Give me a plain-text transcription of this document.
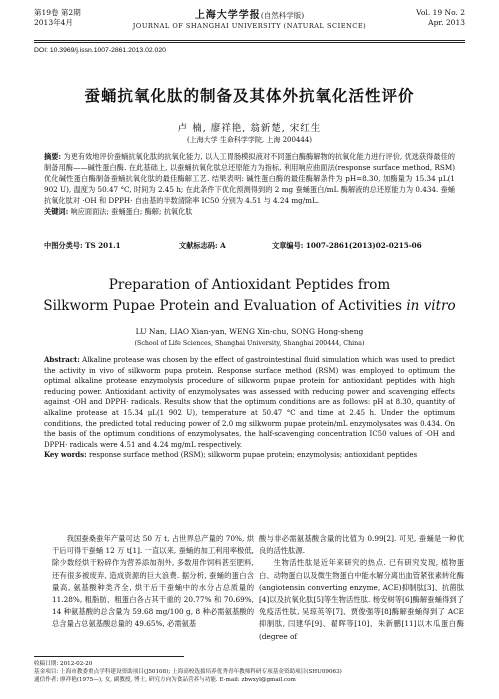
第19卷 第2期
2013年4月
上海大学学报(自然科学版)
JOURNAL OF SHANGHAI UNIVERSITY (NATURAL SCIENCE)
Vol. 19 No. 2
Apr. 2013
DOI: 10.3969/j.issn.1007-2861.2013.02.020
蚕蛹抗氧化肽的制备及其体外抗氧化活性评价
卢 楠, 廖祥艳, 翁新楚, 宋红生
(上海大学 生命科学学院, 上海 200444)
摘要: 为更有效地评价蚕蛹抗氧化肽的抗氧化能力, 以人工胃肠模拟液对不同蛋白酶酶解物的抗氧化能力进行评价, 优选获得最佳的制备用酶——碱性蛋白酶. 在此基础上, 以蚕蛹抗氧化肽总还原能力为指标, 利用响应曲面法(response surface method, RSM)优化碱性蛋白酶制备蚕蛹抗氧化肽的最佳酶解工艺. 结果表明: 碱性蛋白酶的最佳酶解条件为 pH=8.30, 加酶量为 15.34 μL(1 902 U), 温度为 50.47 °C, 时间为 2.45 h; 在此条件下优化预测得到的 2 mg 蚕蛹蛋白/mL 酶解液的总还原能力为 0.434. 蚕蛹抗氧化肽对 ·OH 和 DPPH· 自由基的半数清除率 IC50 分别为 4.51 与 4.24 mg/mL.
关键词: 响应面面法; 蚕蛹蛋白; 酶解; 抗氧化肽
中图分类号: TS 201.1	文献标志码: A	文章编号: 1007-2861(2013)02-0215-06
Preparation of Antioxidant Peptides from
Silkworm Pupae Protein and Evaluation of Activities in vitro
LU Nan, LIAO Xian-yan, WENG Xin-chu, SONG Hong-sheng
(School of Life Sciences, Shanghai University, Shanghai 200444, China)
Abstract: Alkaline protease was chosen by the effect of gastrointestinal fluid simulation which was used to predict the activity in vivo of silkworm pupa protein. Response surface method (RSM) was employed to optimum the optimal alkaline protease enzymolysis procedure of silkworm pupae protein for antioxidant peptides with high reducing power. Antioxidant activity of enzymolysates was assessed with reducing power and scavenging effects against ·OH and DPPH· radicals. Results show that the optimum conditions are as follows: pH at 8.30, quantity of alkaline protease at 15.34 μL(1 902 U), temperature at 50.47 °C and time at 2.45 h. Under the optimum conditions, the predicted total reducing power of 2.0 mg silkworm pupae protein/mL enzymolysates was 0.434. On the basis of the optimum conditions of enzymolysates, the half-scavenging concentration IC50 values of ·OH and DPPH· radicals were 4.51 and 4.24 mg/mL respectively.
Key words: response surface method (RSM); silkworm pupae protein; enzymolysis; antioxidant peptides
我国蚕桑蚕年产量可达 50 万 t, 占世界总产量的 70%, 烘干后可得干蚕蛹 12 万 t[1]. 一直以来, 蚕蛹的加工利用率极低, 除少数经烘干粉碎作为营养添加剂外, 多数用作饲料甚至肥料, 还有很多被废弃, 造成资源的巨大浪费. 据分析, 蚕蛹的蛋白含量高, 氨基酸种类齐全, 烘干后干蚕蛹中的水分占总质量的 11.28%, 粗脂肪、粗蛋白各占其干重的 20.77% 和 70.69%, 14 种氨基酸的总含量为 59.68 mg/100 g, 8 种必需氨基酸的总含量占总氨基酸总量的 49.65%, 必需氨基
酸与非必需氨基酸含量的比值为 0.99[2]. 可见, 蚕蛹是一种优良的活性肽源.
生物活性肽是近年来研究的热点. 已有研究发现, 植物蛋白、动物蛋白以及微生物蛋白中能水解分离出血管紧张素转化酶(angiotensin converting enzyme, ACE)抑制肽[3]、抗菌肽[4]以及抗氧化肽[5]等生物活性肽. 杨安树等[6]酶解蚕蛹得到了免疫活性肽, 吴琼英等[7]、贾俊强等[8]酶解蚕蛹得到了 ACE 抑制肽, 闫建华[9]、翟晖等[10]、朱新鹏[11]以木瓜蛋白酶(degree of
收稿日期: 2012-02-20
基金项目: 上海市教委重点学科建设资助项目(J50108); 上海高校选拔培养优秀青年教师科研专项基金资助项目(SHU09063)
通信作者: 廖祥艳(1975—), 女, 副教授, 博士, 研究方向为食品营养与功能. E-mail: zbwxyl@gmail.com
